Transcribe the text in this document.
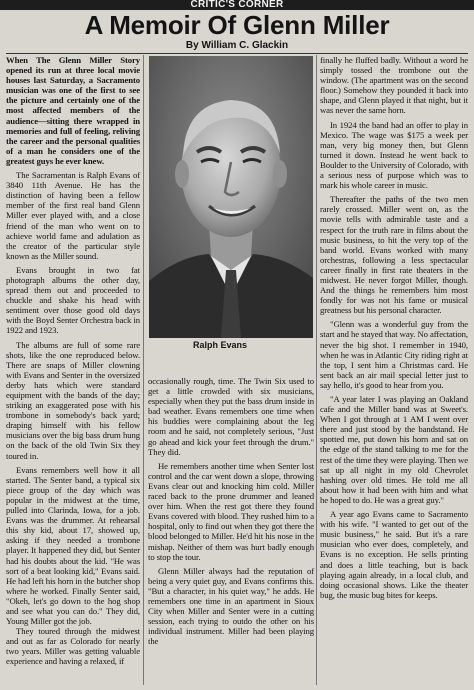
CRITIC'S CORNER
A Memoir Of Glenn Miller
By William C. Glackin

When The Glenn Miller Story opened its run at three local movie houses last Saturday, a Sacramento musician was one of the first to see the picture and certainly one of the most affected members of the audience—sitting there wrapped in memories and full of feeling, reliving the career and the personal qualities of a man he considers one of the greatest guys he ever knew.

The Sacramentan is Ralph Evans of 3840 11th Avenue. He has the distinction of having been a fellow member of the first real band Glenn Miller ever played with, and a close friend of the man who went on to achieve world fame and adulation as the creator of the particular style known as the Miller sound.

Evans brought in two fat photograph albums the other day, spread them out and proceeded to chuckle and shake his head with sentiment over those good old days with the Boyd Senter Orchestra back in 1922 and 1923.

The albums are full of some rare shots, like the one reproduced below. There are snaps of Miller clowning with Evans and Senter in the oversized derby hats which were standard equipment with the bands of the day; striking an exaggerated pose with his trombone in somebody's back yard; draping himself with his fellow musicians over the big bass drum hung on the back of the old Twin Six they toured in.

Evans remembers well how it all started. The Senter band, a typical six piece group of the day which was popular in the midwest at the time, pulled into Clarinda, Iowa, for a job. Evans was the drummer. At rehearsal this shy kid, about 17, showed up, asking if they needed a trombone player. It happened they did, but Senter had his doubts about the kid. "He was sort of a beat looking kid," Evans said. He had left his horn in the butcher shop where he worked. Finally Senter said, "Okeh, let's go down to the hog shop and see what you can do." They did, Young Miller got the job.

They toured through the midwest and out as far as Colorado for nearly two years. Miller was getting valuable experience and having a relaxed, if

Ralph Evans

occasionally rough, time. The Twin Six used to get a little crowded with six musicians, especially when they put the bass drum inside in bad weather. Evans remembers one time when his buddies were complaining about the leg room and he said, not completely serious, "Just go ahead and kick your feet through the drum." They did.

He remembers another time when Senter lost control and the car went down a slope, throwing Evans clear out and knocking him cold. Miller raced back to the prone drummer and leaned over him. When the rest got there they found Evans covered with blood. They rushed him to a hospital, only to find out when they got there the blood belonged to Miller. He'd hit his nose in the mishap. Neither of them was hurt badly enough to stop the tour.

Glenn Miller always had the reputation of being a very quiet guy, and Evans confirms this. "But a character, in his quiet way," he adds. He remembers one time in an apartment in Sioux City when Miller and Senter were in a cutting session, each trying to outdo the other on his individual instrument. Miller had been playing the

finally he fluffed badly. Without a word he simply tossed the trombone out the window. (The apartment was on the second floor.) Somehow they pounded it back into shape, and Glenn played it that night, but it was never the same horn.

In 1924 the band had an offer to play in Mexico. The wage was $175 a week per man, very big money then, but Glenn turned it down. Instead he went back to Boulder to the University of Colorado, with a serious ness of purpose which was to mark his whole career in music.

Thereafter the paths of the two men rarely crossed. Miller went on, as the movie tells with admirable taste and a respect for the truth rare in films about the music business, to hit the very top of the band world. Evans worked with many orchestras, following a less spectacular career finally in first rate theaters in the midwest. He never forgot Miller, though. And the things he remembers him most fondly for was not his fame or musical greatness but his personal character.

"Glenn was a wonderful guy from the start and he stayed that way. No affectation, never the big shot. I remember in 1940, when he was in Atlantic City riding right at the top, I sent him a Christmas card. He sent back an air mail special letter just to say hello, it's good to hear from you.

"A year later I was playing an Oakland cafe and the Miller band was at Sweet's. When I got through at 1 AM I went over there and just stood by the bandstand. He spotted me, put down his horn and sat on the edge of the stand talking to me for the rest of the time they were playing. Then we sat up all night in my old Chevrolet hashing over old times. He told me all about how it had been with him and what he hoped to do. He was a great guy."

A year ago Evans came to Sacramento with his wife. "I wanted to get out of the music business," he said. But it's a rare musician who ever does, completely, and Evans is no exception. He sells printing and does a little teaching, but is back playing again already, in a local club, and doing occasional shows. Like the theater bug, the music bug bites for keeps.
